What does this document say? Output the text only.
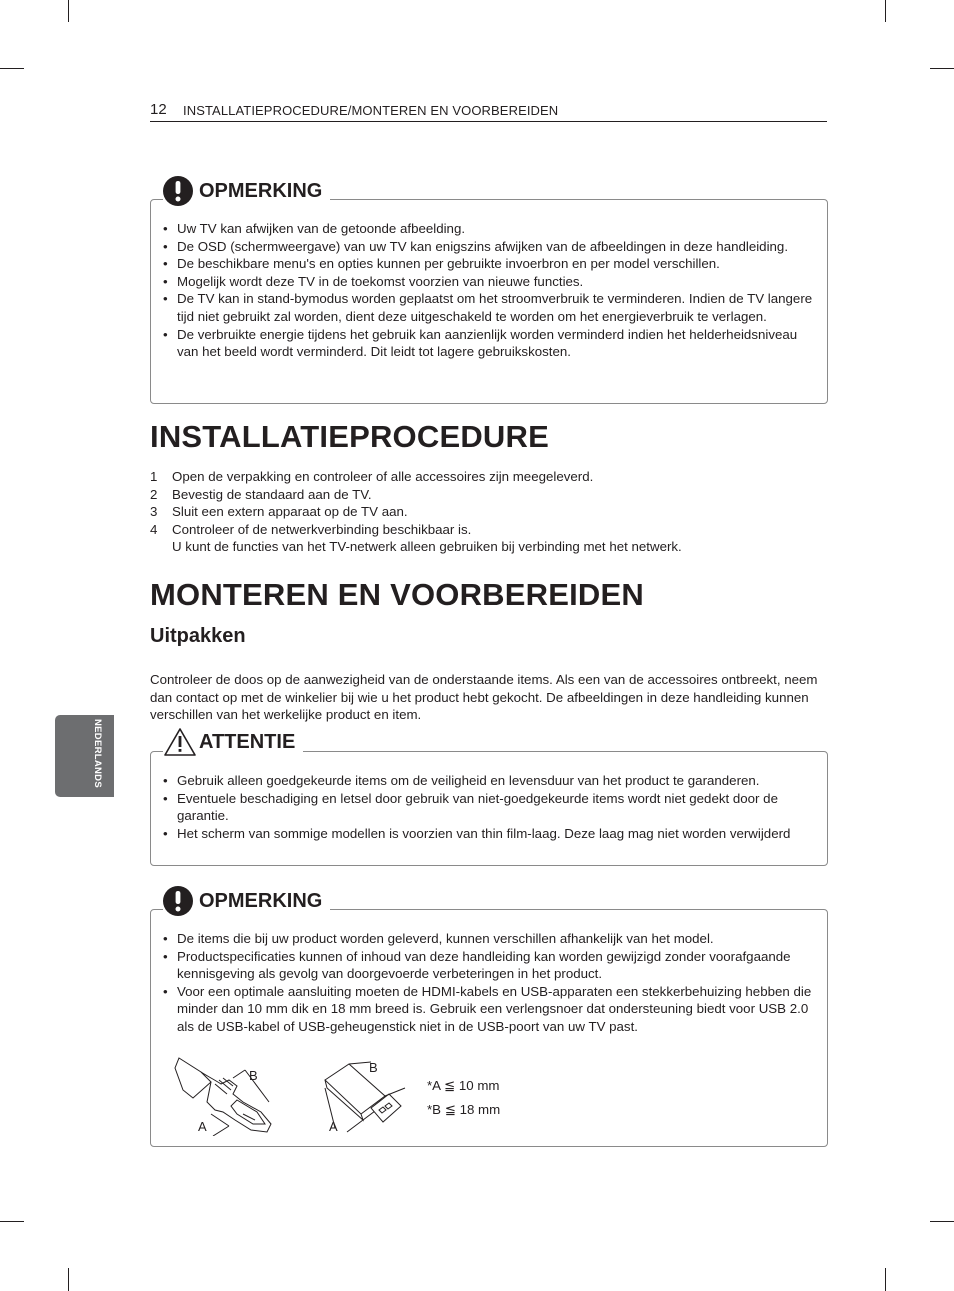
12 INSTALLATIEPROCEDURE/MONTEREN EN VOORBEREIDEN
NEDERLANDS
OPMERKING
• Uw TV kan afwijken van de getoonde afbeelding.
• De OSD (schermweergave) van uw TV kan enigszins afwijken van de afbeeldingen in deze handleiding.
• De beschikbare menu's en opties kunnen per gebruikte invoerbron en per model verschillen.
• Mogelijk wordt deze TV in de toekomst voorzien van nieuwe functies.
• De TV kan in stand-bymodus worden geplaatst om het stroomverbruik te verminderen. Indien de TV langere tijd niet gebruikt zal worden, dient deze uitgeschakeld te worden om het energieverbruik te verlagen.
• De verbruikte energie tijdens het gebruik kan aanzienlijk worden verminderd indien het helderheidsniveau van het beeld wordt verminderd. Dit leidt tot lagere gebruikskosten.
INSTALLATIEPROCEDURE
1	Open de verpakking en controleer of alle accessoires zijn meegeleverd.
2	Bevestig de standaard aan de TV.
3	Sluit een extern apparaat op de TV aan.
4	Controleer of de netwerkverbinding beschikbaar is.
U kunt de functies van het TV-netwerk alleen gebruiken bij verbinding met het netwerk.
MONTEREN EN VOORBEREIDEN
Uitpakken

Controleer de doos op de aanwezigheid van de onderstaande items. Als een van de accessoires ontbreekt, neem dan contact op met de winkelier bij wie u het product hebt gekocht. De afbeeldingen in deze handleiding kunnen verschillen van het werkelijke product en item.

ATTENTIE
• Gebruik alleen goedgekeurde items om de veiligheid en levensduur van het product te garanderen.
• Eventuele beschadiging en letsel door gebruik van niet-goedgekeurde items wordt niet gedekt door de garantie.
• Het scherm van sommige modellen is voorzien van thin film-laag. Deze laag mag niet worden verwijderd
OPMERKING
• De items die bij uw product worden geleverd, kunnen verschillen afhankelijk van het model.
• Productspecificaties kunnen of inhoud van deze handleiding kan worden gewijzigd zonder voorafgaande kennisgeving als gevolg van doorgevoerde verbeteringen in het product.
• Voor een optimale aansluiting moeten de HDMI-kabels en USB-apparaten een stekkerbehuizing hebben die minder dan 10 mm dik en 18 mm breed is. Gebruik een verlengsnoer dat ondersteuning biedt voor USB 2.0 als de USB-kabel of USB-geheugenstick niet in de USB-poort van uw TV past.
B
A
B
A
*A ≦ 10 mm
*B ≦ 18 mm
